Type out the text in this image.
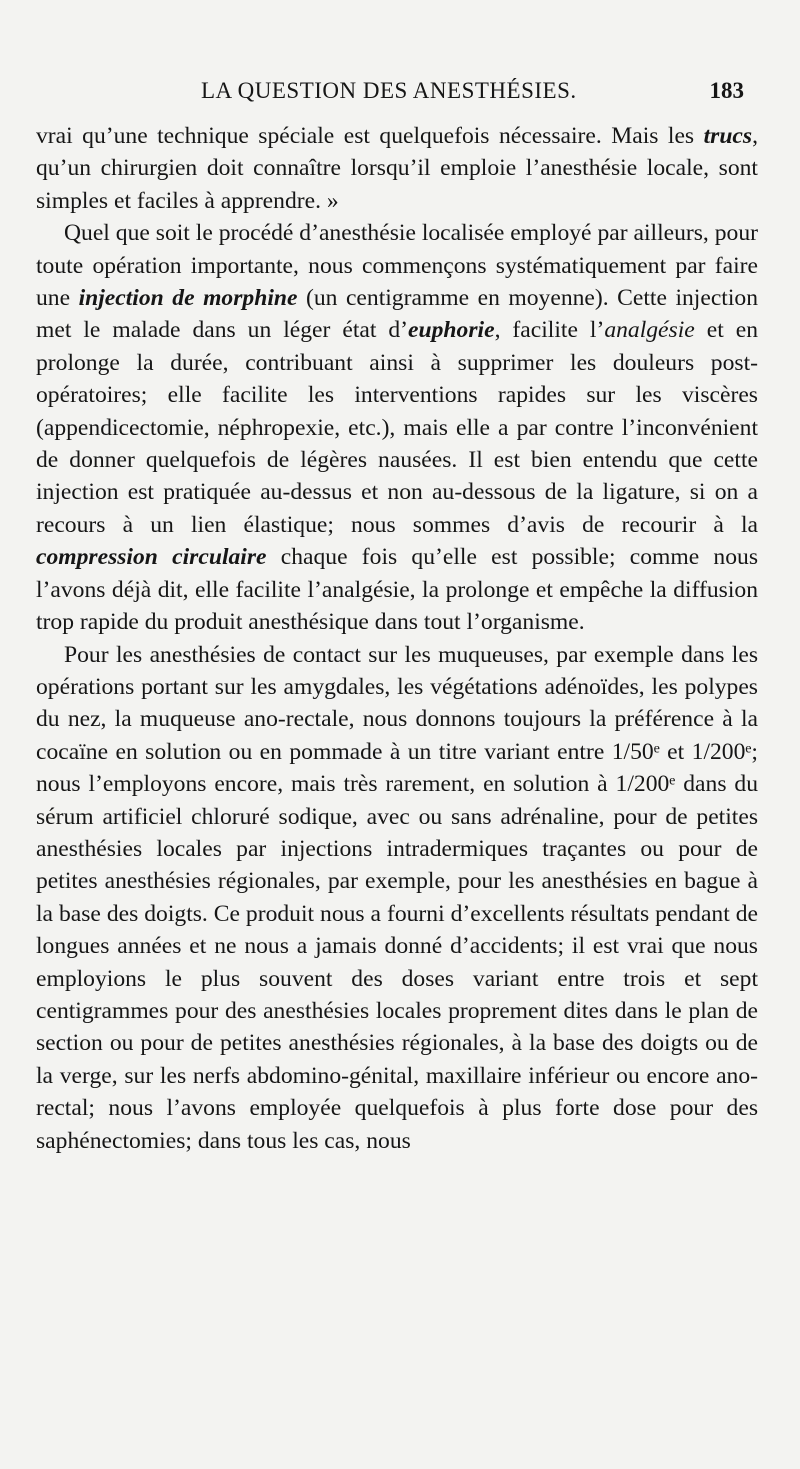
LA QUESTION DES ANESTHÉSIES.	183

vrai qu’une technique spéciale est quelquefois nécessaire. Mais les trucs, qu’un chirurgien doit connaître lorsqu’il emploie l’anesthésie locale, sont simples et faciles à apprendre. »

Quel que soit le procédé d’anesthésie localisée employé par ailleurs, pour toute opération importante, nous commençons systématiquement par faire une injection de morphine (un centigramme en moyenne). Cette injection met le malade dans un léger état d’euphorie, facilite l’analgésie et en prolonge la durée, contribuant ainsi à supprimer les douleurs post-opératoires; elle facilite les interventions rapides sur les viscères (appendicectomie, néphropexie, etc.), mais elle a par contre l’inconvénient de donner quelquefois de légères nausées. Il est bien entendu que cette injection est pratiquée au-dessus et non au-dessous de la ligature, si on a recours à un lien élastique; nous sommes d’avis de recourir à la compression circulaire chaque fois qu’elle est possible; comme nous l’avons déjà dit, elle facilite l’analgésie, la prolonge et empêche la diffusion trop rapide du produit anesthésique dans tout l’organisme.

Pour les anesthésies de contact sur les muqueuses, par exemple dans les opérations portant sur les amygdales, les végétations adénoïdes, les polypes du nez, la muqueuse ano-rectale, nous donnons toujours la préférence à la cocaïne en solution ou en pommade à un titre variant entre 1/50ᵉ et 1/200ᵉ; nous l’employons encore, mais très rarement, en solution à 1/200ᵉ dans du sérum artificiel chloruré sodique, avec ou sans adrénaline, pour de petites anesthésies locales par injections intradermiques traçantes ou pour de petites anesthésies régionales, par exemple, pour les anesthésies en bague à la base des doigts. Ce produit nous a fourni d’excellents résultats pendant de longues années et ne nous a jamais donné d’accidents; il est vrai que nous employions le plus souvent des doses variant entre trois et sept centigrammes pour des anesthésies locales proprement dites dans le plan de section ou pour de petites anesthésies régionales, à la base des doigts ou de la verge, sur les nerfs abdomino-génital, maxillaire inférieur ou encore ano-rectal; nous l’avons employée quelquefois à plus forte dose pour des saphénectomies; dans tous les cas, nous
